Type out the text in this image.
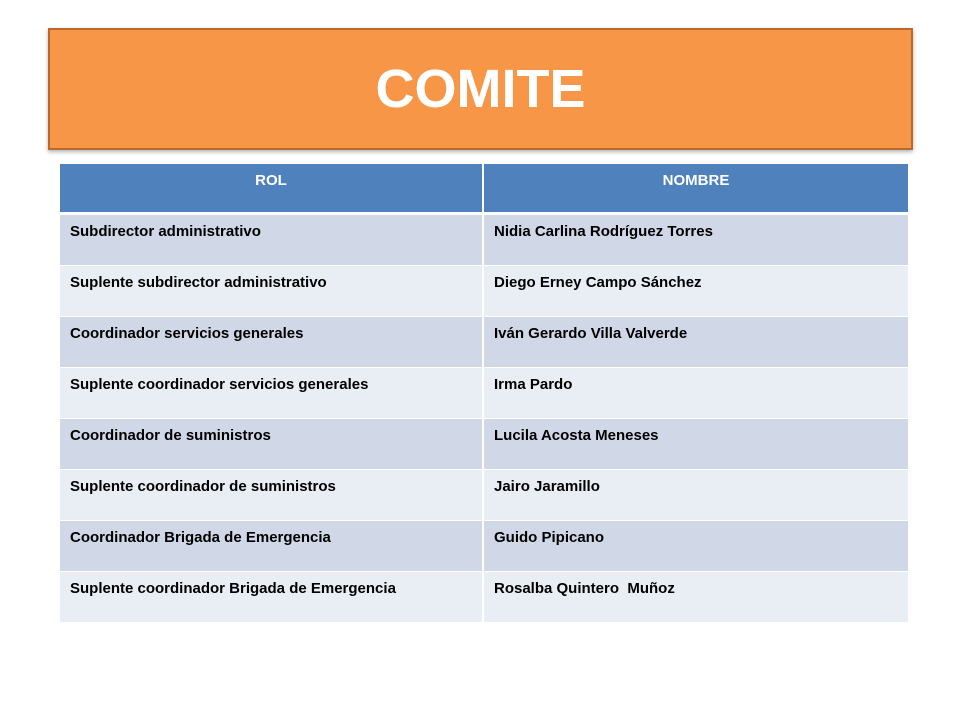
COMITE
ROL	NOMBRE
Subdirector administrativo	Nidia Carlina Rodríguez Torres
Suplente subdirector administrativo	Diego Erney Campo Sánchez
Coordinador servicios generales	Iván Gerardo Villa Valverde
Suplente coordinador servicios generales	Irma Pardo
Coordinador de suministros	Lucila Acosta Meneses
Suplente coordinador de suministros	Jairo Jaramillo
Coordinador Brigada de Emergencia	Guido Pipicano
Suplente coordinador Brigada de Emergencia	Rosalba Quintero  Muñoz
